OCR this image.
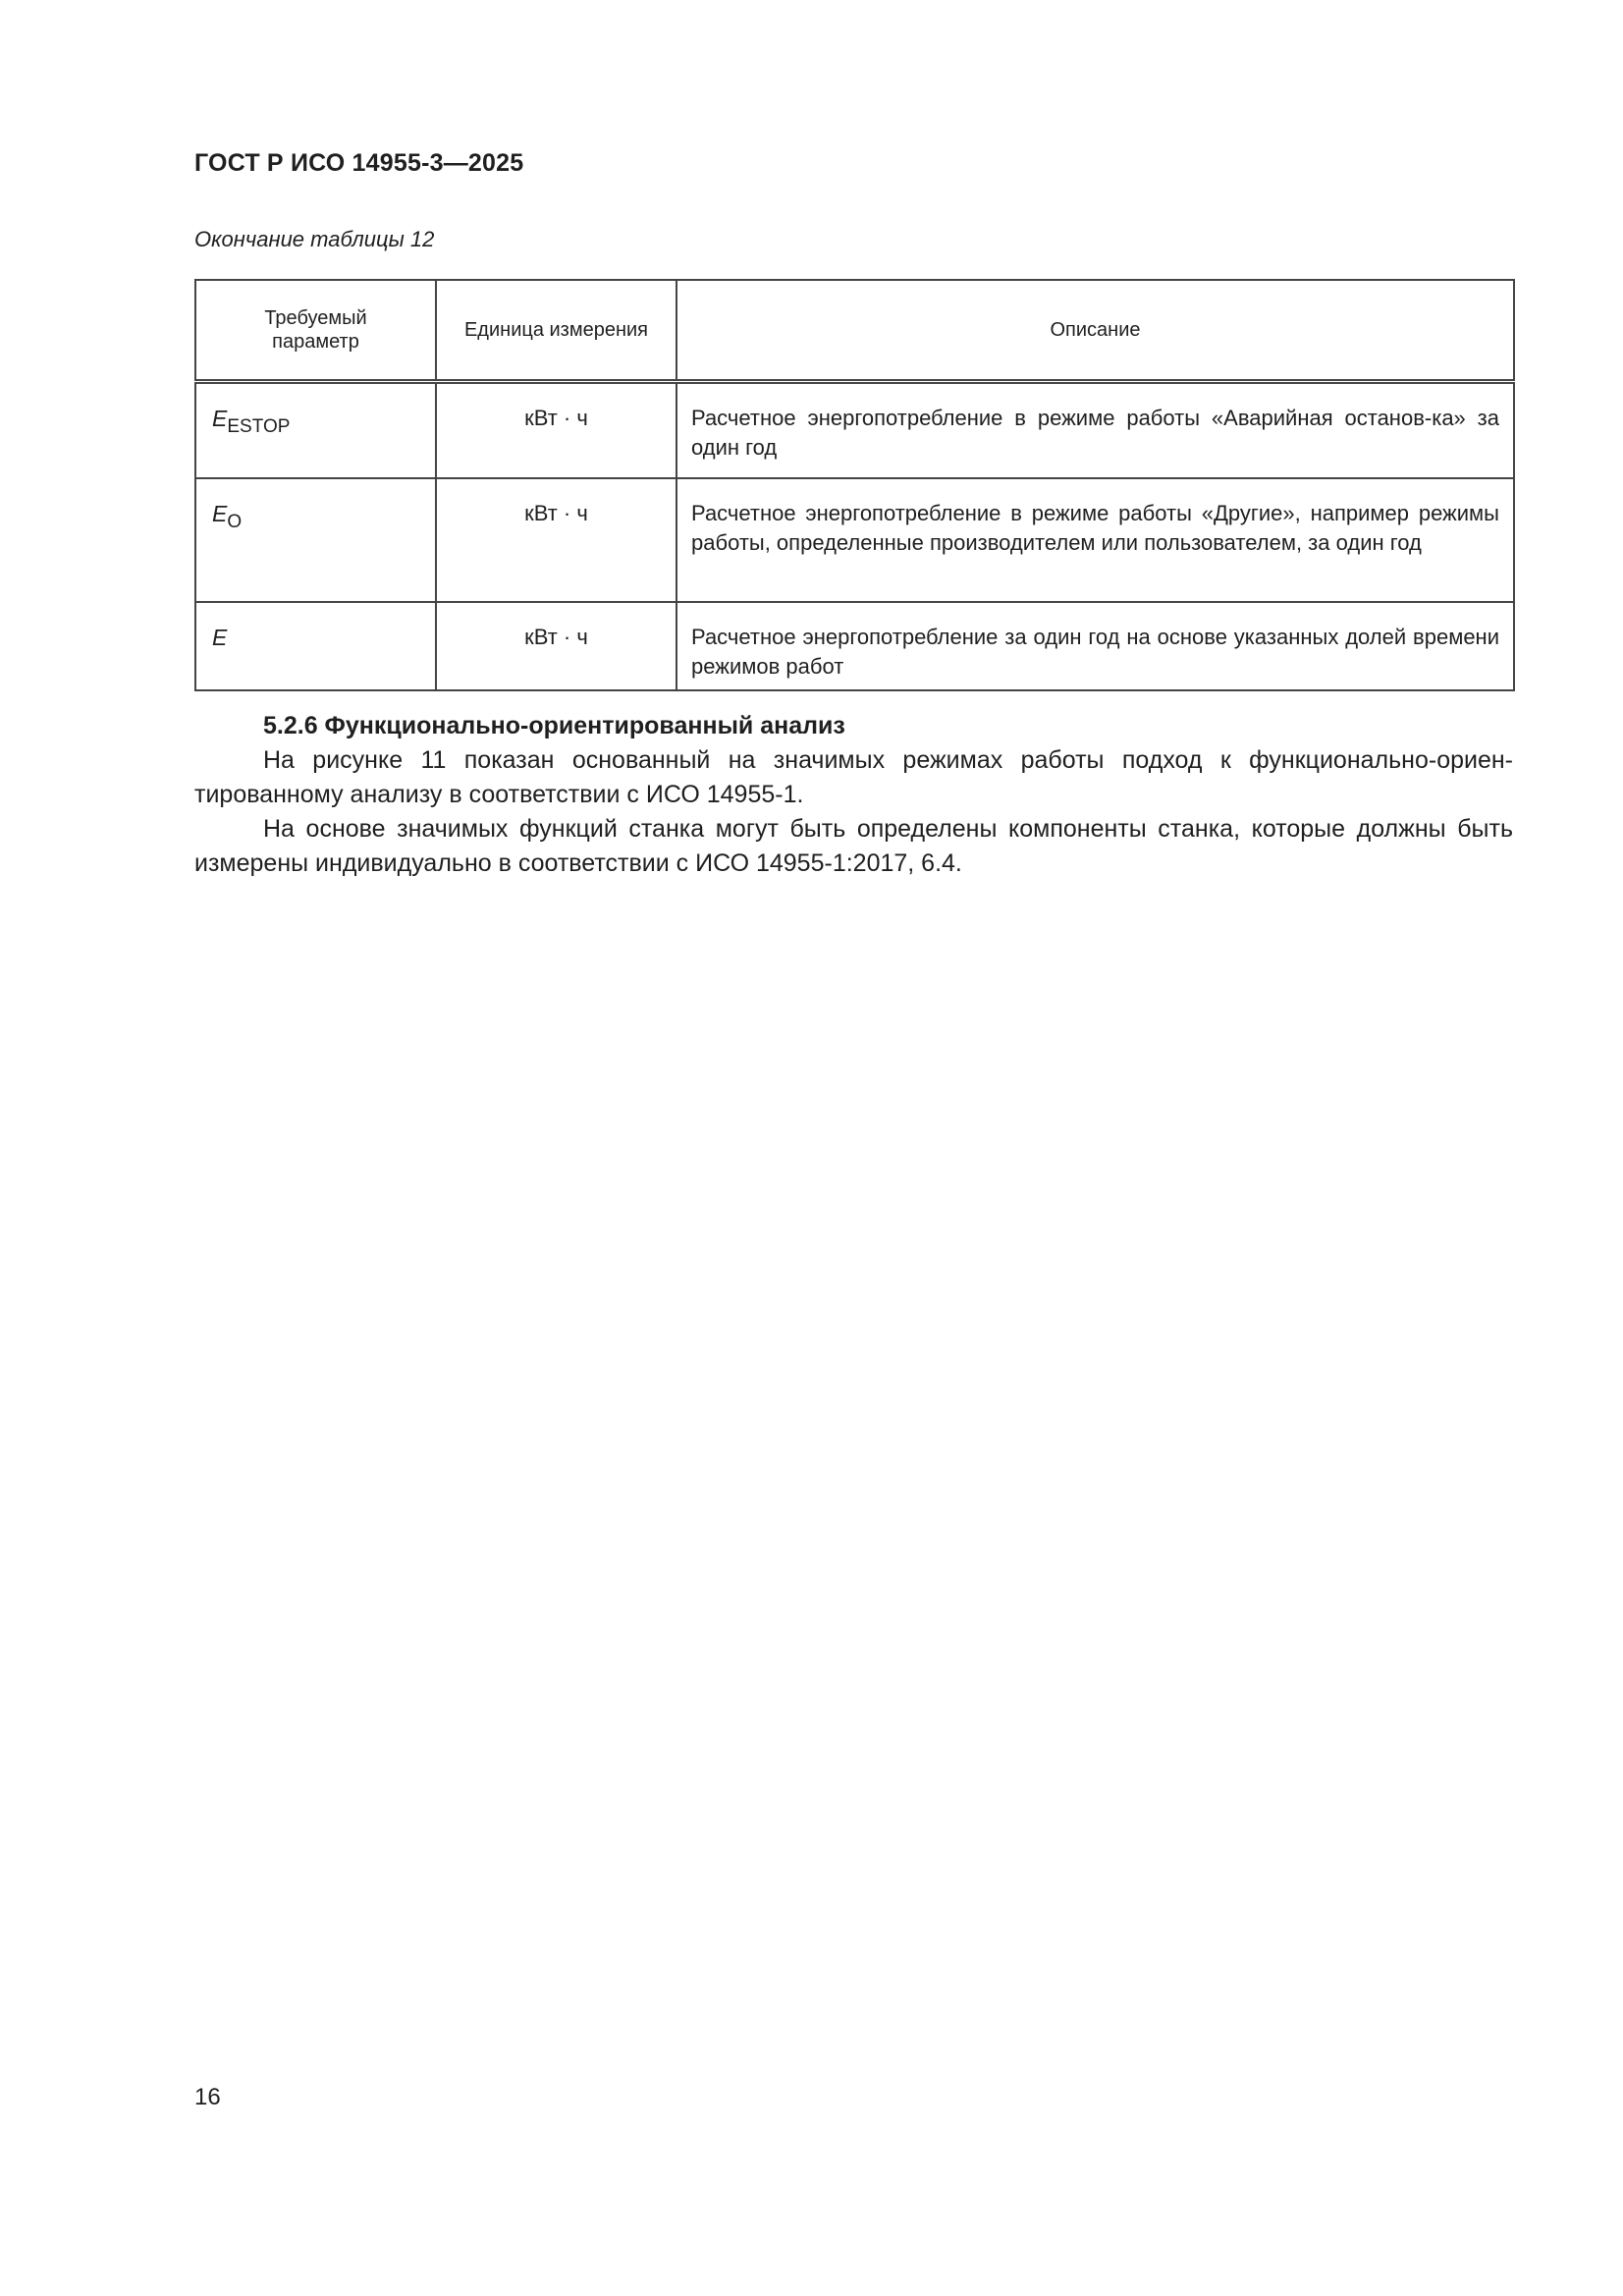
ГОСТ Р ИСО 14955-3—2025
Окончание таблицы 12
Требуемый параметр	Единица измерения	Описание
$E_{ESTOP}$	кВт · ч	Расчетное энергопотребление в режиме работы «Аварийная останов-ка» за один год
$E_O$	кВт · ч	Расчетное энергопотребление в режиме работы «Другие», например режимы работы, определенные производителем или пользователем, за один год
E	кВт · ч	Расчетное энергопотребление за один год на основе указанных долей времени режимов работ

5.2.6 Функционально-ориентированный анализ

На рисунке 11 показан основанный на значимых режимах работы подход к функционально-ориен-тированному анализу в соответствии с ИСО 14955-1.

На основе значимых функций станка могут быть определены компоненты станка, которые должны быть измерены индивидуально в соответствии с ИСО 14955-1:2017, 6.4.

16
